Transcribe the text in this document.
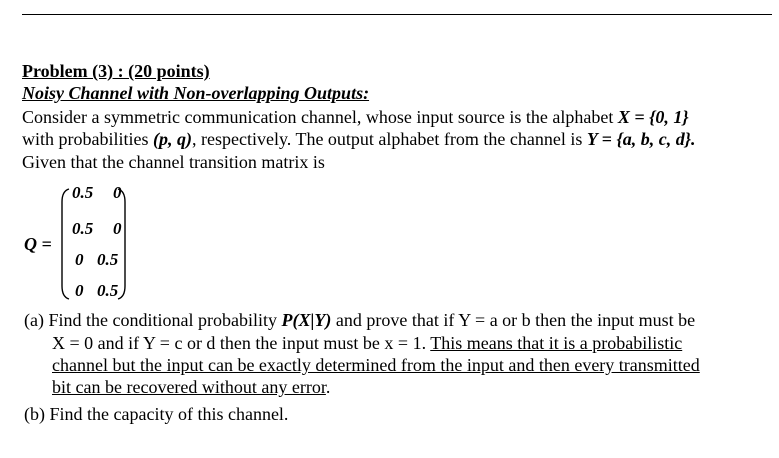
Problem (3) : (20 points)
Noisy Channel with Non-overlapping Outputs:
Consider a symmetric communication channel, whose input source is the alphabet X = {0, 1}
with probabilities (p, q), respectively. The output alphabet from the channel is Y = {a, b, c, d}.
Given that the channel transition matrix is
Q =
0.5 0
0.5 0
0 0.5
0 0.5
(a) Find the conditional probability P(X|Y) and prove that if Y = a or b then the input must be
X = 0 and if Y = c or d then the input must be x = 1. This means that it is a probabilistic
channel but the input can be exactly determined from the input and then every transmitted
bit can be recovered without any error.
(b) Find the capacity of this channel.
